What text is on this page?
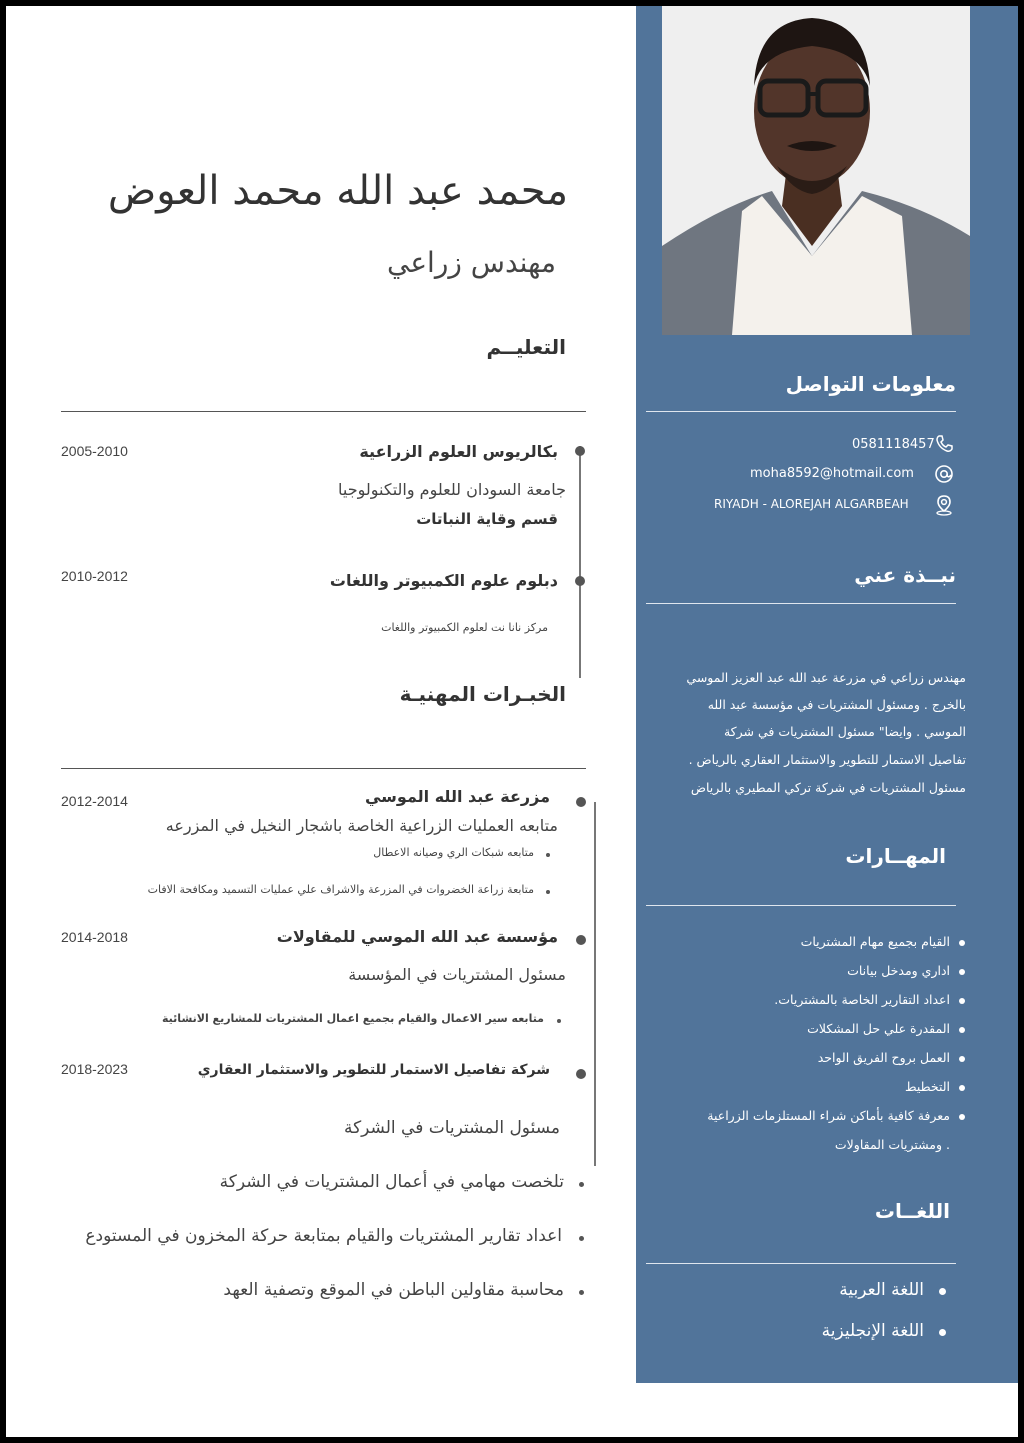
معلومات التواصل
0581118457
moha8592@hotmail.com
RIYADH - ALOREJAH ALGARBEAH
نبــذة عني
مهندس زراعي في مزرعة عبد الله عبد العزيز الموسي
بالخرج . ومسئول المشتريات في مؤسسة عبد الله
الموسي . وايضا" مسئول المشتريات في شركة
تفاصيل الاستمار للتطوير والاستثمار العقاري بالرياض .
مسئول المشتريات في شركة تركي المطيري بالرياض
المهــارات
القيام بجميع مهام المشتريات
اداري ومدخل بيانات
اعداد التقارير الخاصة بالمشتريات.
المقدرة علي حل المشكلات
العمل بروح الفريق الواحد
التخطيط
معرفة كافية بأماكن شراء المستلزمات الزراعية
. ومشتريات المقاولات
اللغــات
اللغة العربية
اللغة الإنجليزية
محمد عبد الله محمد العوض
مهندس زراعي
التعليــم
بكالريوس العلوم الزراعية
2005-2010
جامعة السودان للعلوم والتكنولوجيا
قسم وقاية النباتات
دبلوم علوم الكمبيوتر واللغات
2010-2012
مركز نانا نت لعلوم الكمبيوتر واللغات
الخبـرات المهنيـة
مزرعة عبد الله الموسي
2012-2014
متابعه العمليات الزراعية الخاصة باشجار النخيل في المزرعه
متابعه شبكات الري وصيانه الاعطال
متابعة زراعة الخضروات في المزرعة والاشراف علي عمليات التسميد ومكافحة الافات
مؤسسة عبد الله الموسي للمقاولات
2014-2018
مسئول المشتريات في المؤسسة
متابعه سير الاعمال والقيام بجميع اعمال المشتريات للمشاريع الانشائية
شركة تفاصيل الاستمار للتطوير والاستثمار العقاري
2018-2023
مسئول المشتريات في الشركة
تلخصت مهامي في أعمال المشتريات في الشركة
اعداد تقارير المشتريات والقيام بمتابعة حركة المخزون في المستودع
محاسبة مقاولين الباطن في الموقع وتصفية العهد
